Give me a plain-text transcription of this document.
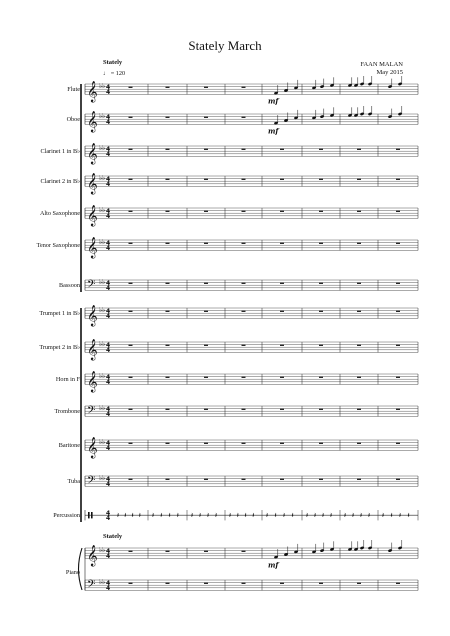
Stately March
FAAN MALAN
May 2015
Stately
♩ = 120
Flute
Oboe
Clarinet 1 in B♭
Clarinet 2 in B♭
Alto Saxophone
Tenor Saxophone
Bassoon
Trumpet 1 in B♭
Trumpet 2 in B♭
Horn in F
Trombone
Baritone
Tuba
Percussion
Stately
Piano
𝄞 ♭ ♭ 4
4
mf
𝄞 ♭ ♭ 4
4
mf
𝄞 ♭ ♭ 4
4
𝄞 ♭ ♭ 4
4
𝄞 ♭ ♭ 4
4
𝄞 ♭ ♭ 4
4
𝄢 ♭ ♭ 4
4
𝄞 ♭ ♭ 4
4
𝄞 ♭ ♭ 4
4
𝄞 ♭ ♭ 4
4
𝄢 ♭ ♭ 4
4
𝄞 ♭ ♭ 4
4
𝄢 ♭ ♭ 4
4
4
4 𝄽 𝄽 𝄽 𝄽 𝄽 𝄽 𝄽 𝄽 𝄽 𝄽 𝄽 𝄽 𝄽 𝄽 𝄽 𝄽 𝄽 𝄽 𝄽 𝄽 𝄽 𝄽 𝄽 𝄽 𝄽 𝄽 𝄽 𝄽 𝄽 𝄽 𝄽 𝄽
𝄞 ♭ ♭ 4
4
𝄢 ♭ ♭ 4
4
mf
